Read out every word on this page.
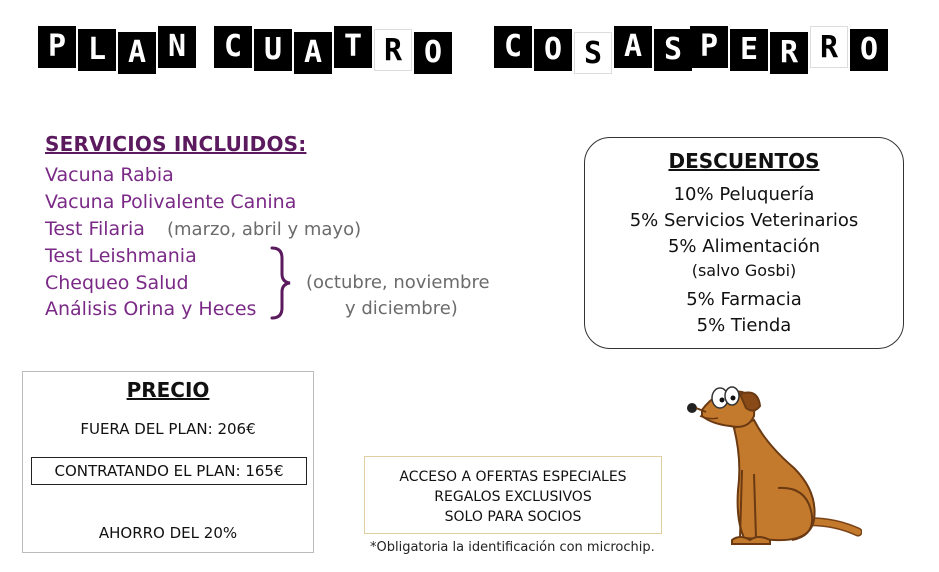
P L A N	C U A T R O	C O S A S P E R R O
SERVICIOS INCLUIDOS:
Vacuna Rabia
Vacuna Polivalente Canina
Test Filaria (marzo, abril y mayo)
Test Leishmania
Chequeo Salud
Análisis Orina y Heces
(octubre, noviembre
y diciembre)
DESCUENTOS
10% Peluquería
5% Servicios Veterinarios
5% Alimentación
(salvo Gosbi)
5% Farmacia
5% Tienda
PRECIO
FUERA DEL PLAN: 206€
CONTRATANDO EL PLAN: 165€
AHORRO DEL 20%
ACCESO A OFERTAS ESPECIALES
REGALOS EXCLUSIVOS
SOLO PARA SOCIOS
*Obligatoria la identificación con microchip.
